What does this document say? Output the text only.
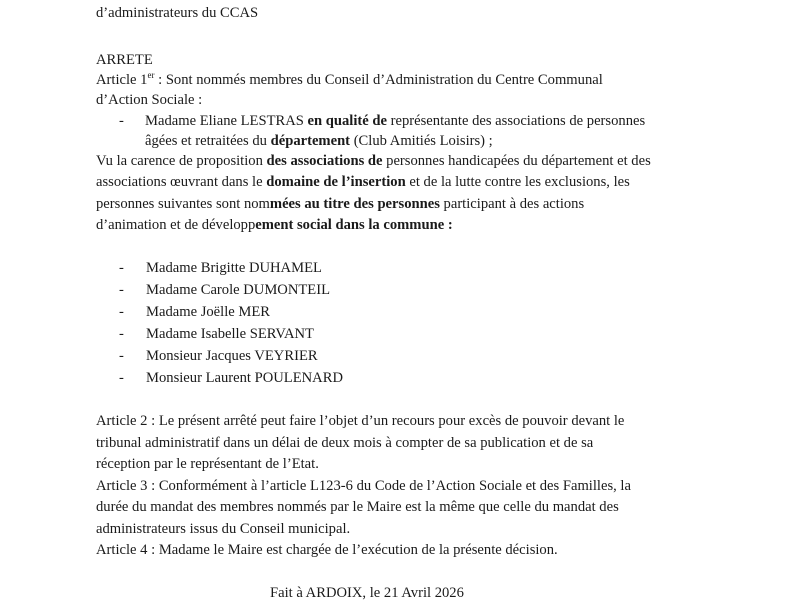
d’administrateurs du CCAS
ARRETE
Article 1er : Sont nommés membres du Conseil d’Administration du Centre Communal
d’Action Sociale :
- Madame Eliane LESTRAS en qualité de représentante des associations de personnes
âgées et retraitées du département (Club Amitiés Loisirs) ;
Vu la carence de proposition des associations de personnes handicapées du département et des
associations œuvrant dans le domaine de l’insertion et de la lutte contre les exclusions, les
personnes suivantes sont nommées au titre des personnes participant à des actions
d’animation et de développement social dans la commune :
- Madame Brigitte DUHAMEL
- Madame Carole DUMONTEIL
- Madame Joëlle MER
- Madame Isabelle SERVANT
- Monsieur Jacques VEYRIER
- Monsieur Laurent POULENARD
Article 2 : Le présent arrêté peut faire l’objet d’un recours pour excès de pouvoir devant le
tribunal administratif dans un délai de deux mois à compter de sa publication et de sa
réception par le représentant de l’Etat.
Article 3 : Conformément à l’article L123-6 du Code de l’Action Sociale et des Familles, la
durée du mandat des membres nommés par le Maire est la même que celle du mandat des
administrateurs issus du Conseil municipal.
Article 4 : Madame le Maire est chargée de l’exécution de la présente décision.
Fait à ARDOIX, le 21 Avril 2026
